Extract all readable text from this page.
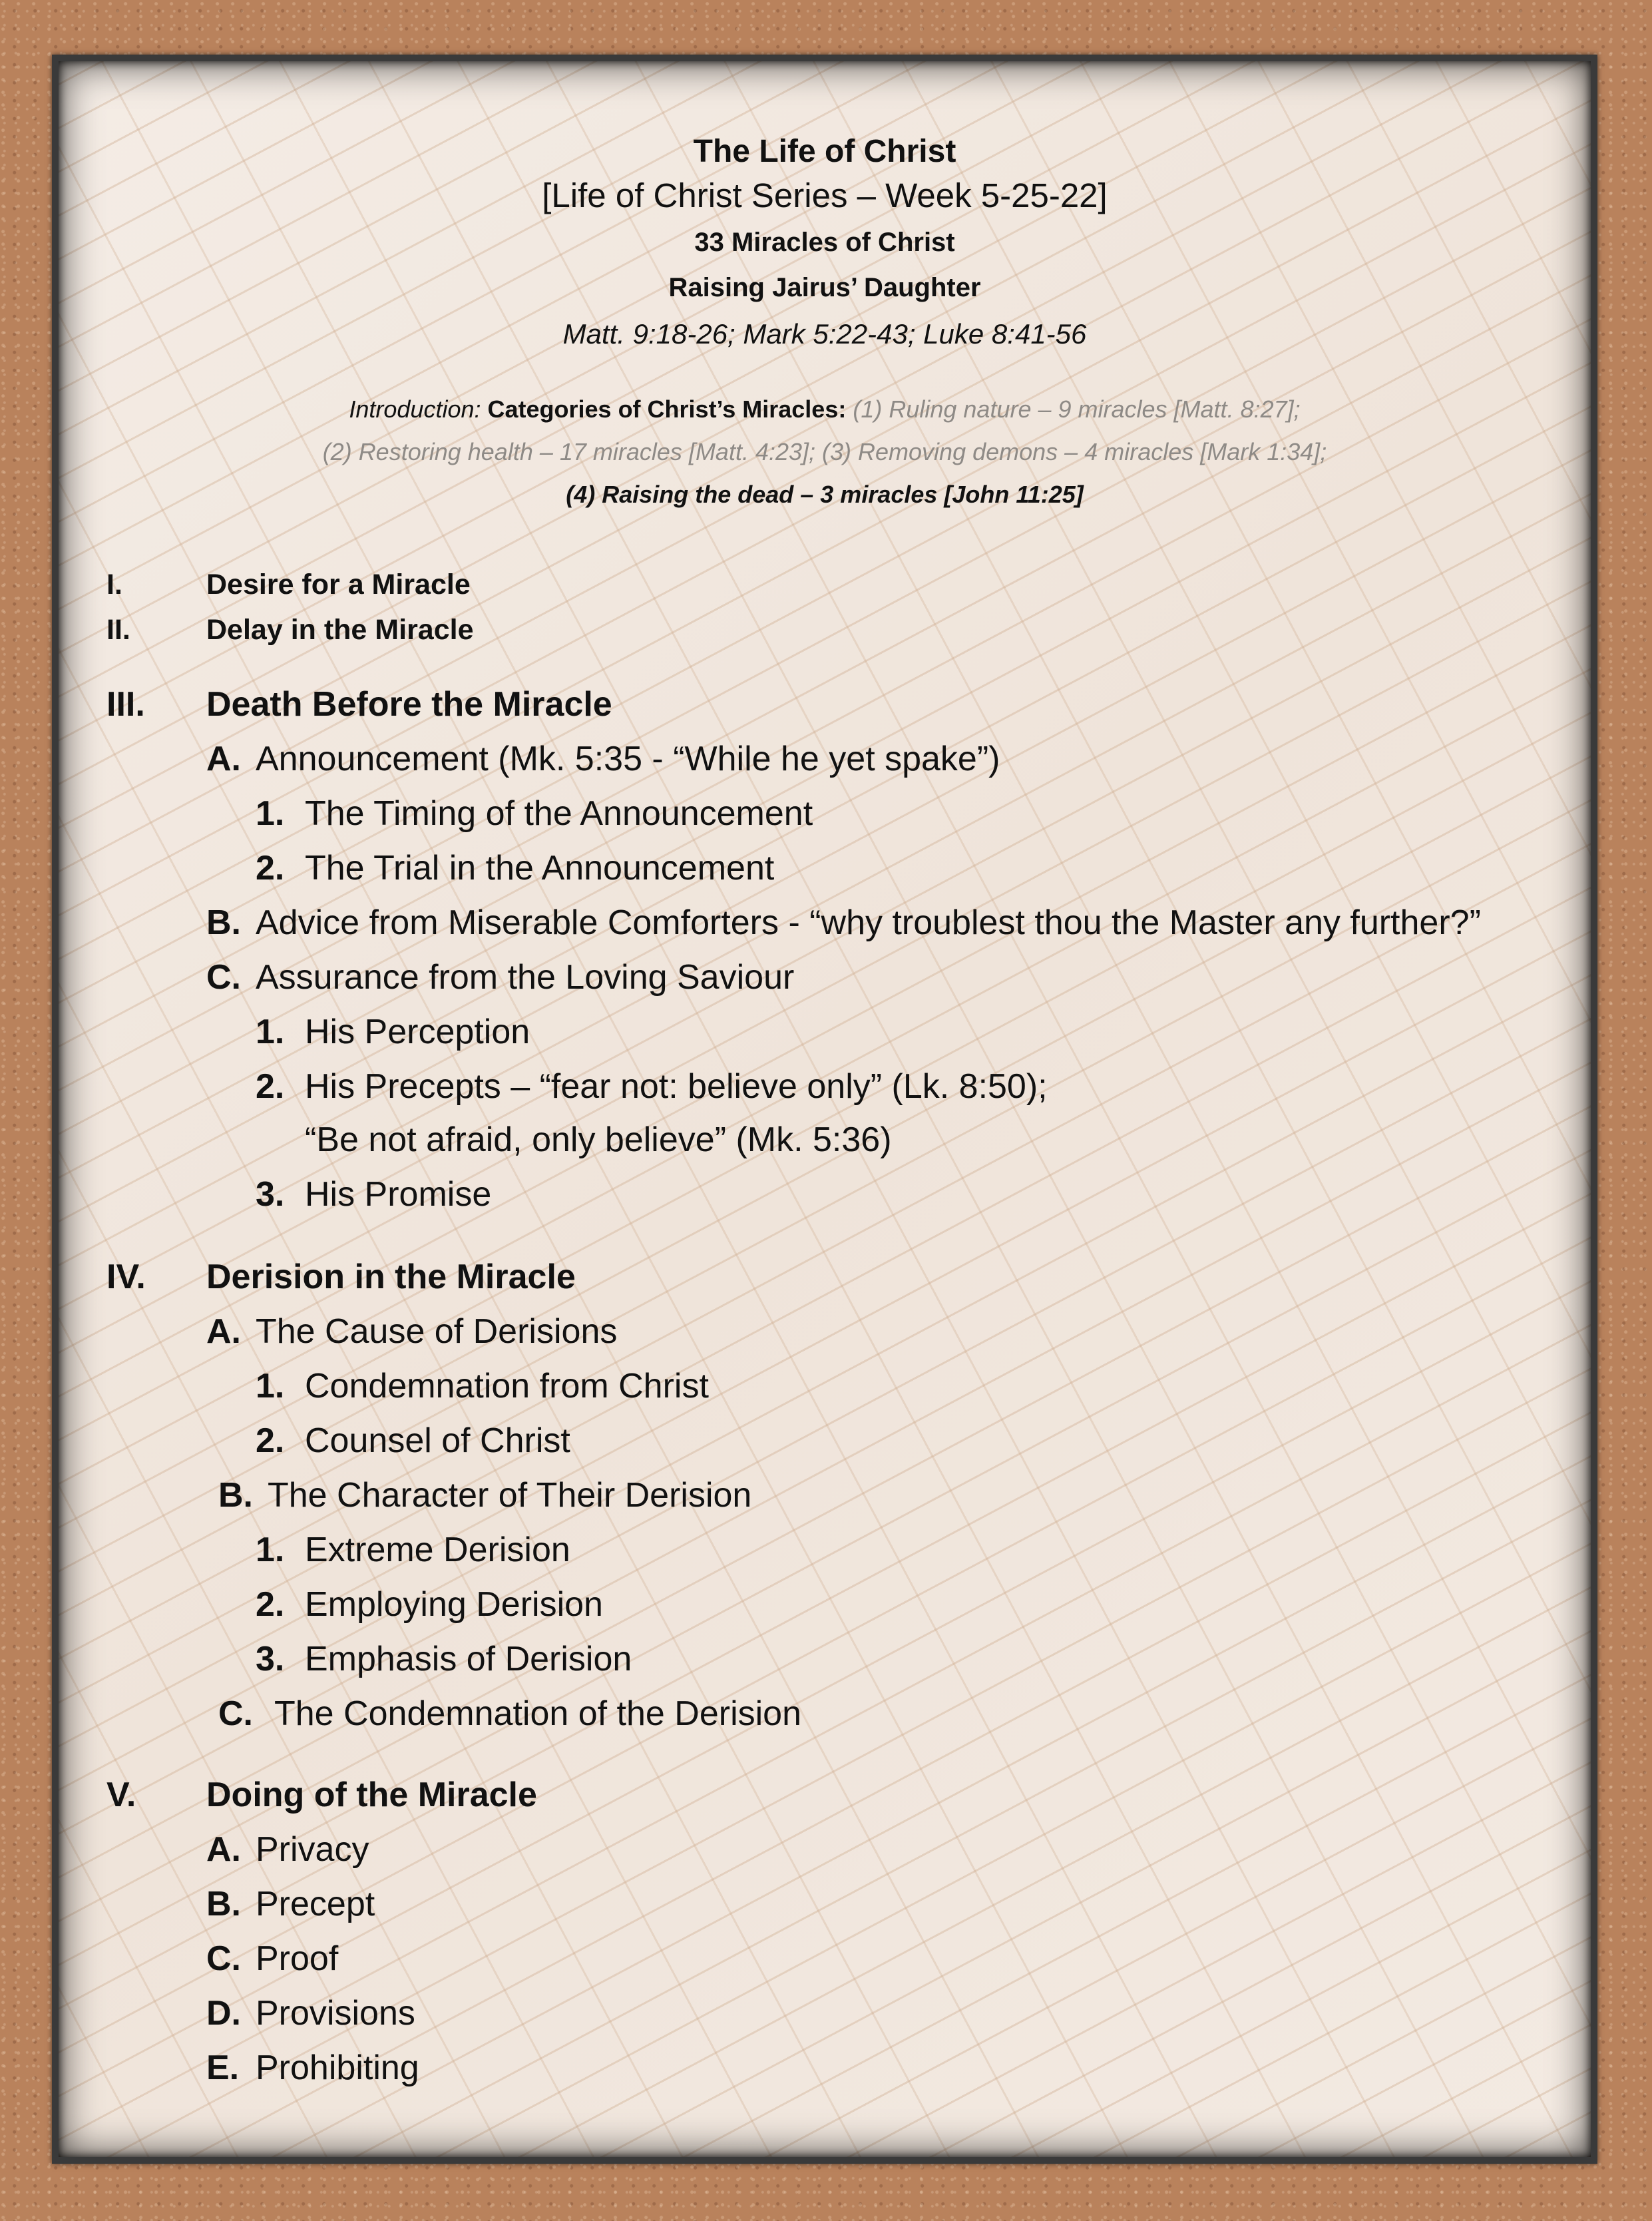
The Life of Christ
[Life of Christ Series – Week 5-25-22]
33 Miracles of Christ
Raising Jairus’ Daughter
Matt. 9:18-26; Mark 5:22-43; Luke 8:41-56
Introduction: Categories of Christ’s Miracles: (1) Ruling nature – 9 miracles [Matt. 8:27];
(2) Restoring health – 17 miracles [Matt. 4:23]; (3) Removing demons – 4 miracles [Mark 1:34];
(4) Raising the dead – 3 miracles [John 11:25]
I.	Desire for a Miracle
II.	Delay in the Miracle
III. Death Before the Miracle
A. Announcement (Mk. 5:35 - “While he yet spake”)
1. The Timing of the Announcement
2. The Trial in the Announcement
B. Advice from Miserable Comforters - “why troublest thou the Master any further?”
C. Assurance from the Loving Saviour
1. His Perception
2. His Precepts – “fear not: believe only” (Lk. 8:50);
“Be not afraid, only believe” (Mk. 5:36)
3. His Promise
IV. Derision in the Miracle
A. The Cause of Derisions
1. Condemnation from Christ
2. Counsel of Christ
B. The Character of Their Derision
1. Extreme Derision
2. Employing Derision
3. Emphasis of Derision
C. The Condemnation of the Derision
V. Doing of the Miracle
A. Privacy
B. Precept
C. Proof
D. Provisions
E. Prohibiting
